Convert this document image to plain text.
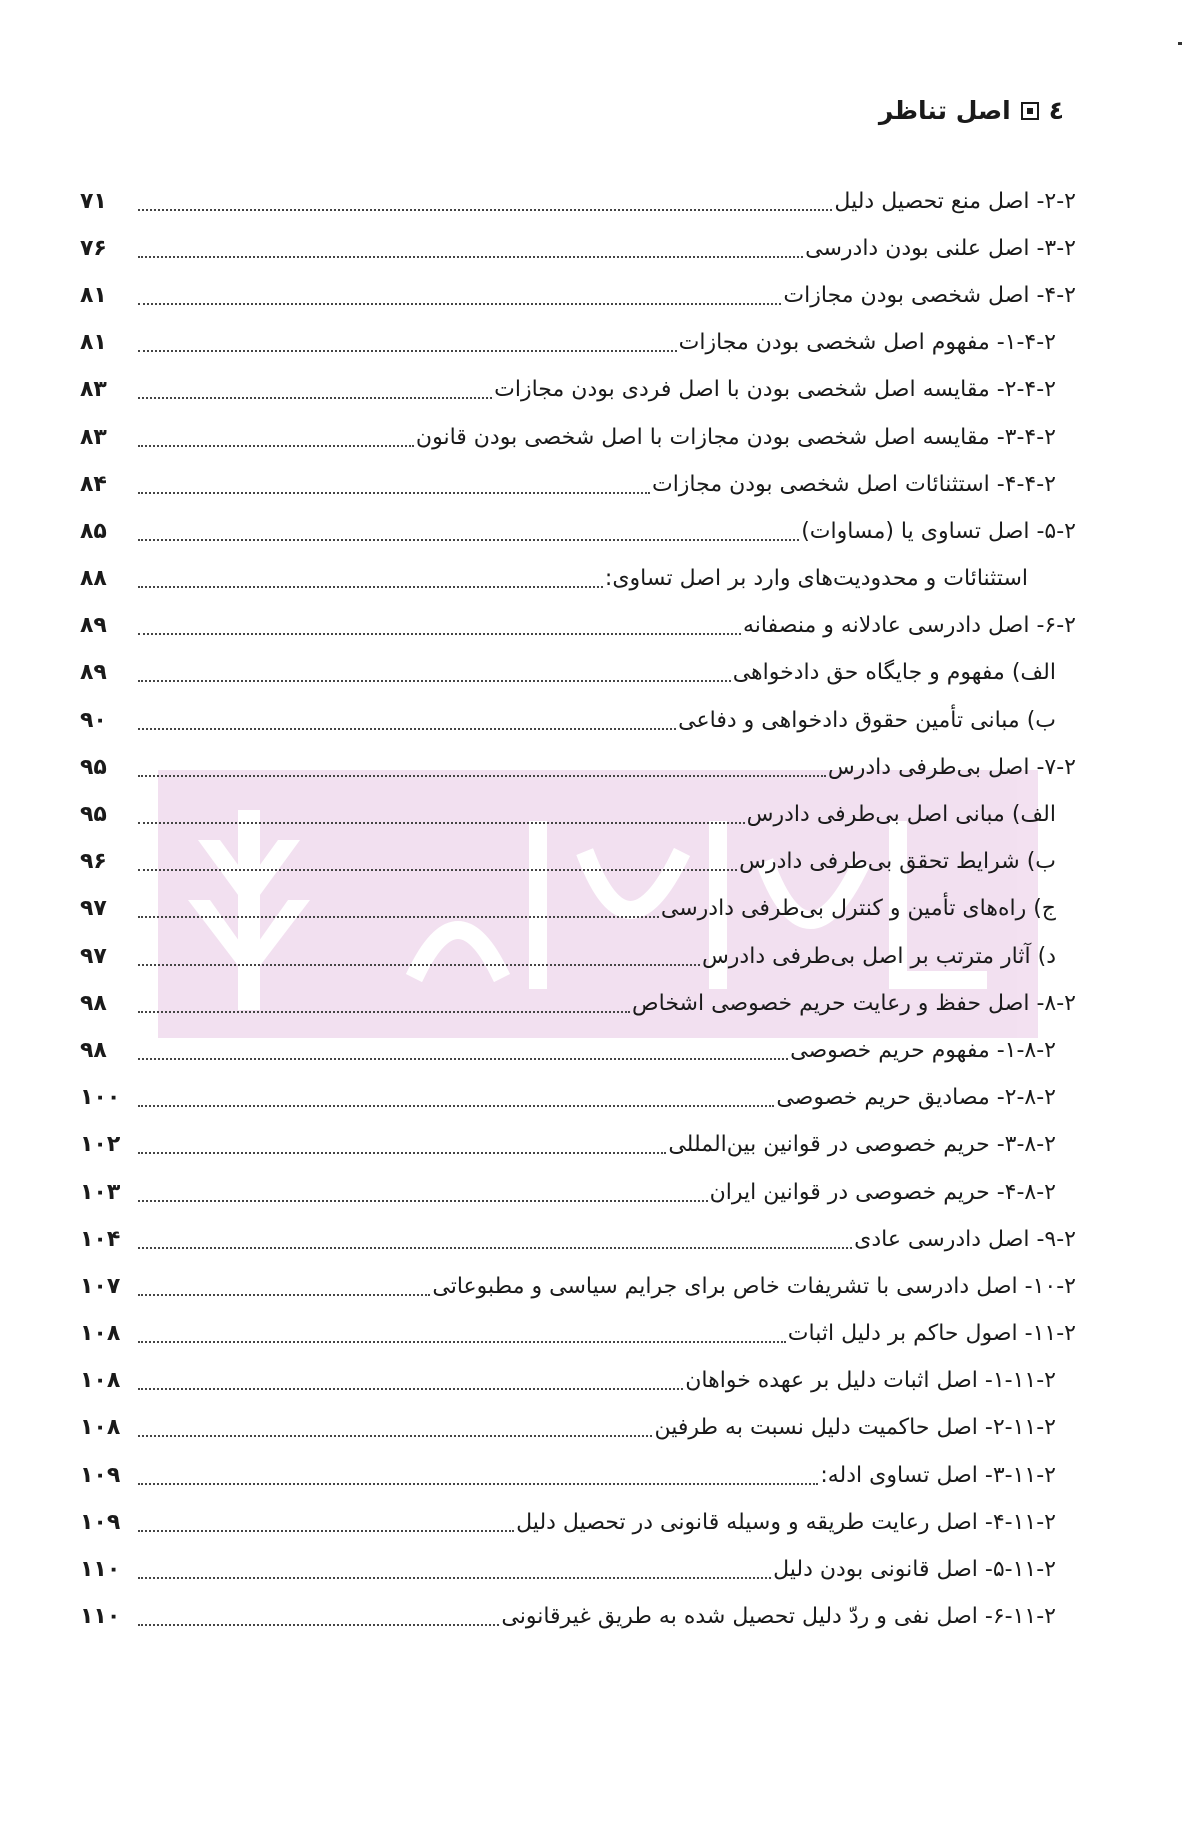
٤
اصل تناظر
۲-۲- اصل منع تحصیل دلیل
۷۱
۳-۲- اصل علنی بودن دادرسی
۷۶
۴-۲- اصل شخصی بودن مجازات
۸۱
۱-۴-۲- مفهوم اصل شخصی بودن مجازات
۸۱
۲-۴-۲- مقایسه اصل شخصی بودن با اصل فردی بودن مجازات
۸۳
۳-۴-۲- مقایسه اصل شخصی بودن مجازات با اصل شخصی بودن قانون
۸۳
۴-۴-۲- استثنائات اصل شخصی بودن مجازات
۸۴
۵-۲- اصل تساوی یا (مساوات)
۸۵
استثنائات و محدودیت‌های وارد بر اصل تساوی:
۸۸
۶-۲- اصل دادرسی عادلانه و منصفانه
۸۹
الف) مفهوم و جایگاه حق دادخواهی
۸۹
ب) مبانی تأمین حقوق دادخواهی و دفاعی
۹۰
۷-۲- اصل بی‌طرفی دادرس
۹۵
الف) مبانی اصل بی‌طرفی دادرس
۹۵
ب) شرایط تحقق بی‌طرفی دادرس
۹۶
ج) راه‌های تأمین و کنترل بی‌طرفی دادرسی
۹۷
د) آثار مترتب بر اصل بی‌طرفی دادرس
۹۷
۸-۲- اصل حفظ و رعایت حریم خصوصی اشخاص
۹۸
۱-۸-۲- مفهوم حریم خصوصی
۹۸
۲-۸-۲- مصادیق حریم خصوصی
۱۰۰
۳-۸-۲- حریم خصوصی در قوانین بین‌المللی
۱۰۲
۴-۸-۲- حریم خصوصی در قوانین ایران
۱۰۳
۹-۲- اصل دادرسی عادی
۱۰۴
۱۰-۲- اصل دادرسی با تشریفات خاص برای جرایم سیاسی و مطبوعاتی
۱۰۷
۱۱-۲- اصول حاکم بر دلیل اثبات
۱۰۸
۱-۱۱-۲- اصل اثبات دلیل بر عهده خواهان
۱۰۸
۲-۱۱-۲- اصل حاکمیت دلیل نسبت به طرفین
۱۰۸
۳-۱۱-۲- اصل تساوی ادله:
۱۰۹
۴-۱۱-۲- اصل رعایت طریقه و وسیله قانونی در تحصیل دلیل
۱۰۹
۵-۱۱-۲- اصل قانونی بودن دلیل
۱۱۰
۶-۱۱-۲- اصل نفی و ردّ دلیل تحصیل شده به طریق غیرقانونی
۱۱۰
